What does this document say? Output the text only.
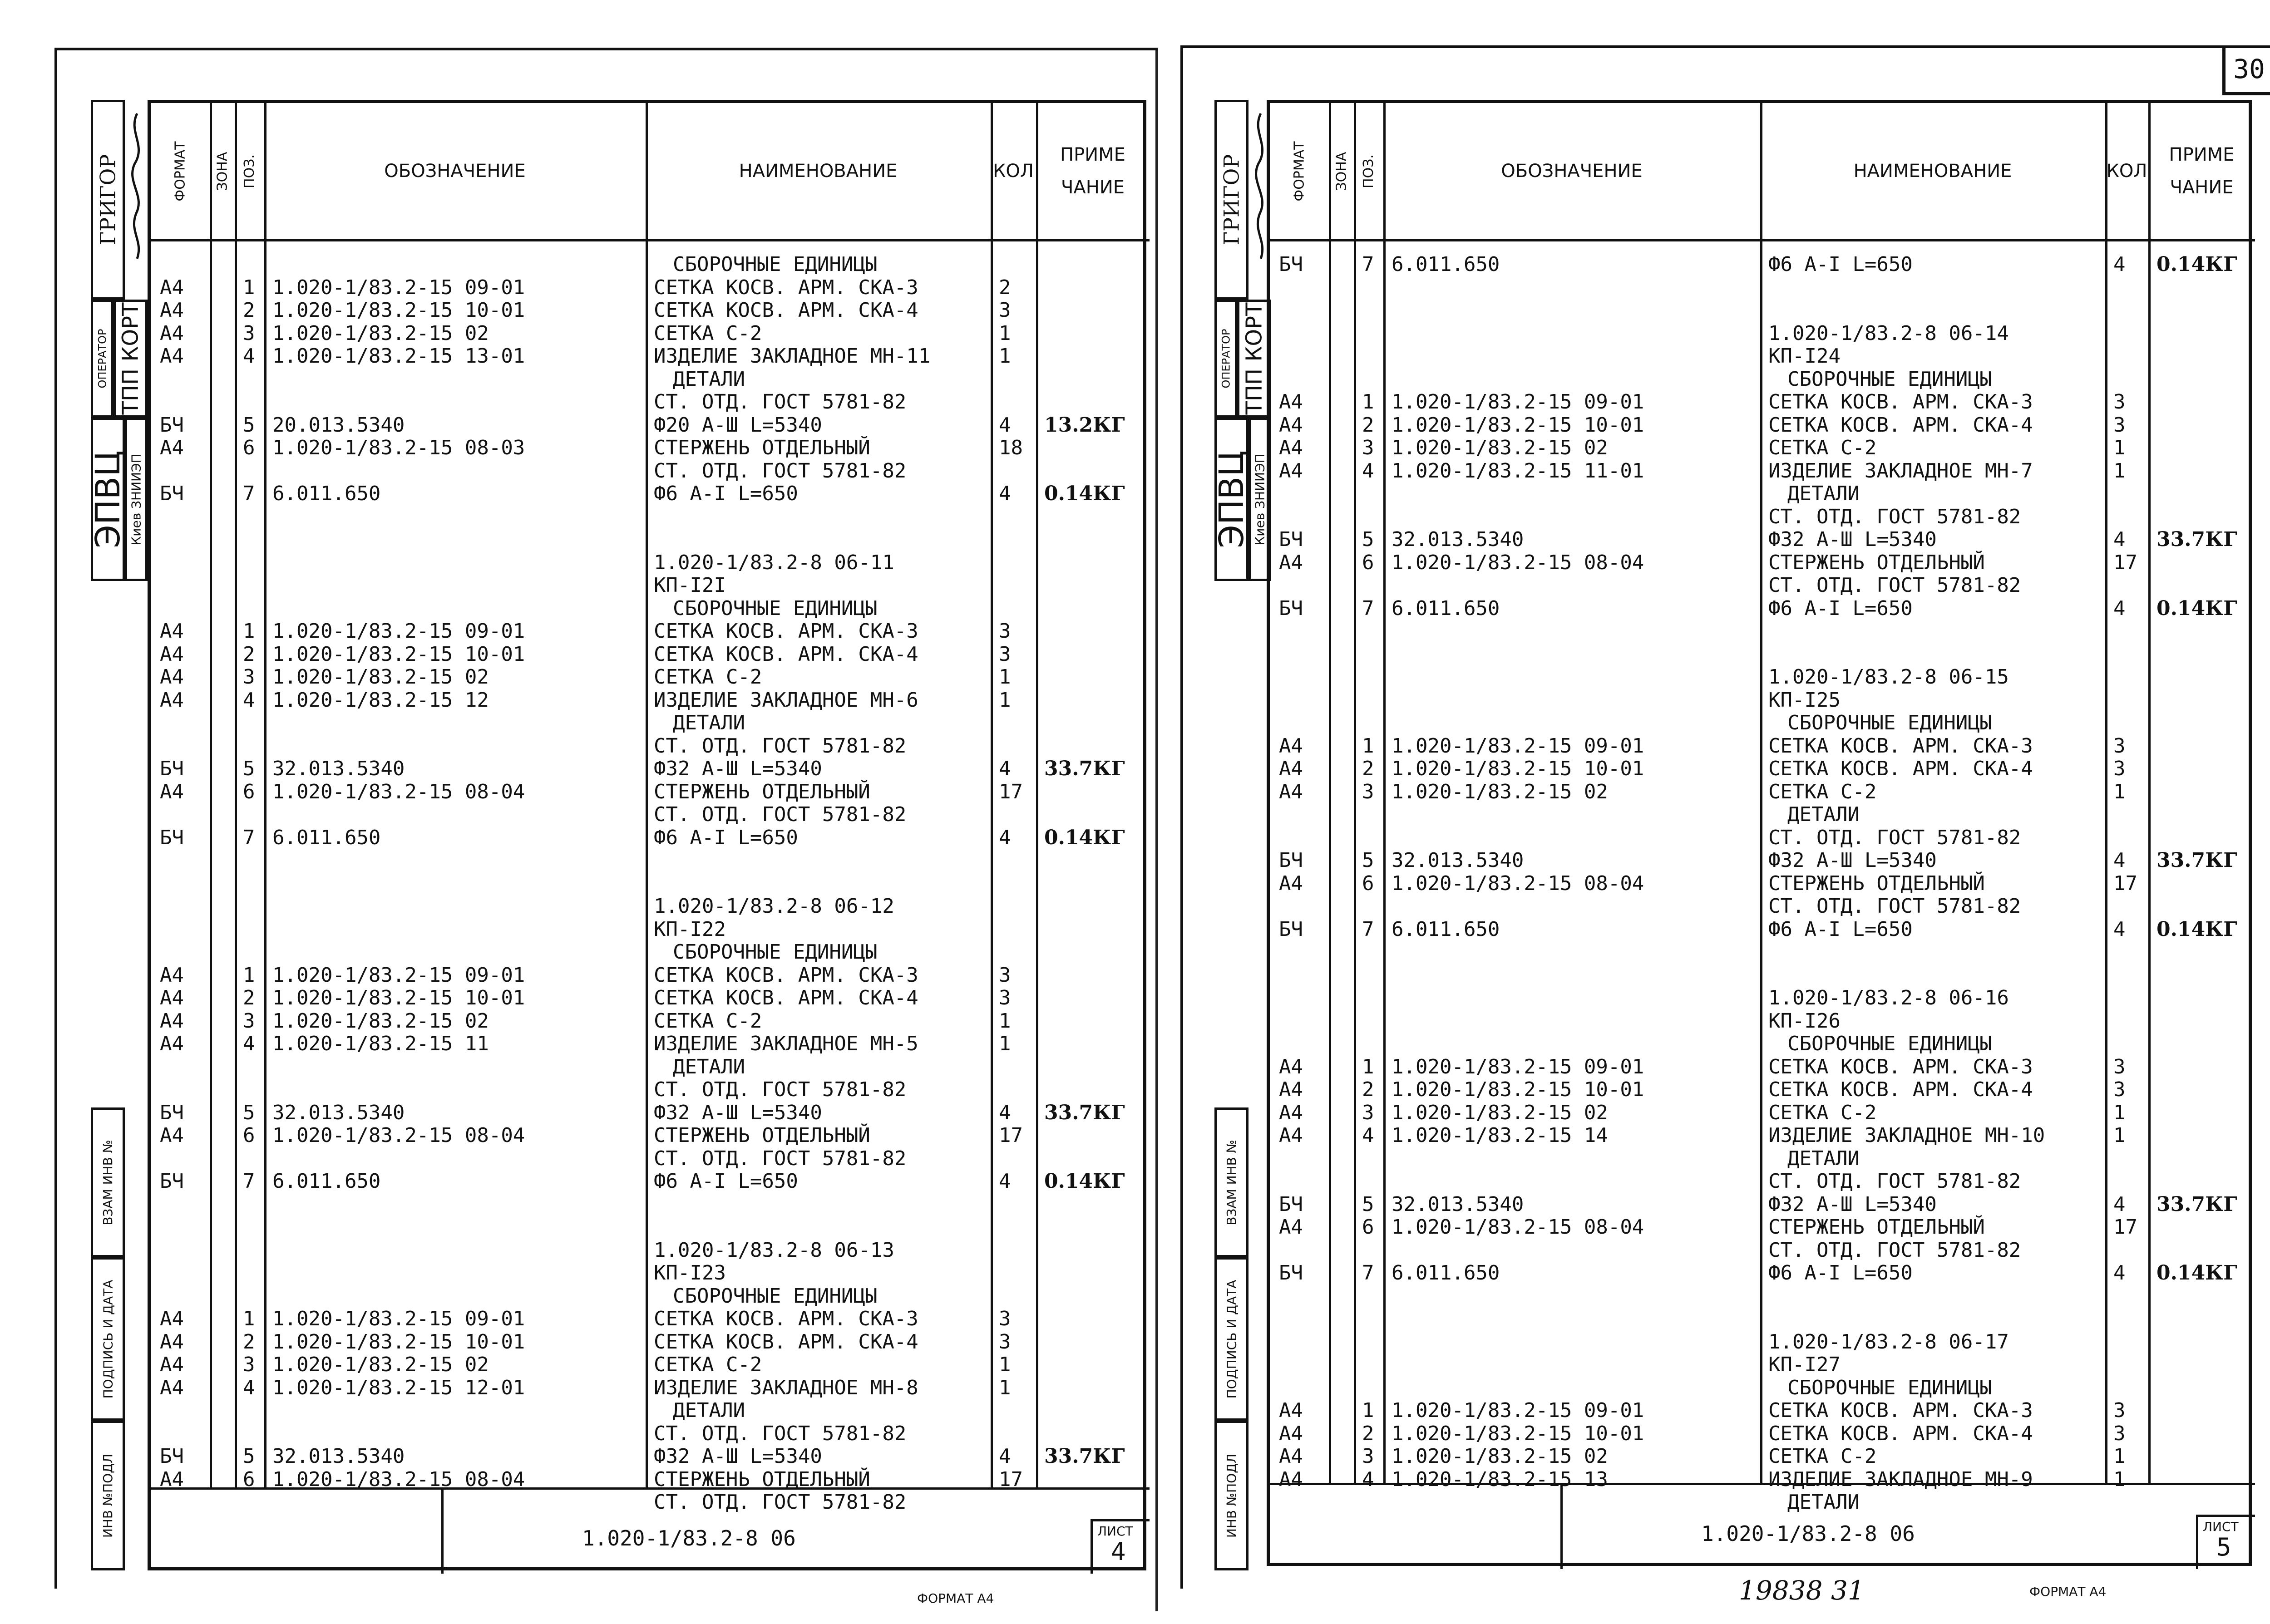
30
ФОРМАТ ЗОНА ПОЗ.	ОБОЗНАЧЕНИЕ	НАИМЕНОВАНИЕ	КОЛ
ПРИМЕ ЧАНИЕ
СБОРОЧНЫЕ ЕДИНИЦЫ
А4	1 1.020-1/83.2-15 09-01	СЕТКА КОСВ. АРМ. СКА-3	2
А4	2 1.020-1/83.2-15 10-01	СЕТКА КОСВ. АРМ. СКА-4	3
А4	3 1.020-1/83.2-15 02	СЕТКА С-2	1
А4	4 1.020-1/83.2-15 13-01	ИЗДЕЛИЕ ЗАКЛАДНОЕ МН-11	1
ДЕТАЛИ
СТ. ОТД. ГОСТ 5781-82
БЧ	5 20.013.5340	Ф20 А-Ш L=5340	4 13.2КГ
А4	6 1.020-1/83.2-15 08-03	СТЕРЖЕНЬ ОТДЕЛЬНЫЙ	18
СТ. ОТД. ГОСТ 5781-82
БЧ	7 6.011.650	Ф6 А-I L=650	4 0.14КГ
1.020-1/83.2-8 06-11
КП-I2I
СБОРОЧНЫЕ ЕДИНИЦЫ
А4	1 1.020-1/83.2-15 09-01	СЕТКА КОСВ. АРМ. СКА-3	3
А4	2 1.020-1/83.2-15 10-01	СЕТКА КОСВ. АРМ. СКА-4	3
А4	3 1.020-1/83.2-15 02	СЕТКА С-2	1
А4	4 1.020-1/83.2-15 12	ИЗДЕЛИЕ ЗАКЛАДНОЕ МН-6	1
ДЕТАЛИ
СТ. ОТД. ГОСТ 5781-82
БЧ	5 32.013.5340	Ф32 А-Ш L=5340	4 33.7КГ
А4	6 1.020-1/83.2-15 08-04	СТЕРЖЕНЬ ОТДЕЛЬНЫЙ	17
СТ. ОТД. ГОСТ 5781-82
БЧ	7 6.011.650	Ф6 А-I L=650	4 0.14КГ
1.020-1/83.2-8 06-12
КП-I22
СБОРОЧНЫЕ ЕДИНИЦЫ
А4	1 1.020-1/83.2-15 09-01	СЕТКА КОСВ. АРМ. СКА-3	3
А4	2 1.020-1/83.2-15 10-01	СЕТКА КОСВ. АРМ. СКА-4	3
А4	3 1.020-1/83.2-15 02	СЕТКА С-2	1
А4	4 1.020-1/83.2-15 11	ИЗДЕЛИЕ ЗАКЛАДНОЕ МН-5	1
ДЕТАЛИ
СТ. ОТД. ГОСТ 5781-82
БЧ	5 32.013.5340	Ф32 А-Ш L=5340	4 33.7КГ
А4	6 1.020-1/83.2-15 08-04	СТЕРЖЕНЬ ОТДЕЛЬНЫЙ	17
СТ. ОТД. ГОСТ 5781-82
БЧ	7 6.011.650	Ф6 А-I L=650	4 0.14КГ
1.020-1/83.2-8 06-13
КП-I23
СБОРОЧНЫЕ ЕДИНИЦЫ
А4	1 1.020-1/83.2-15 09-01	СЕТКА КОСВ. АРМ. СКА-3	3
А4	2 1.020-1/83.2-15 10-01	СЕТКА КОСВ. АРМ. СКА-4	3
А4	3 1.020-1/83.2-15 02	СЕТКА С-2	1
А4	4 1.020-1/83.2-15 12-01	ИЗДЕЛИЕ ЗАКЛАДНОЕ МН-8	1
ДЕТАЛИ
СТ. ОТД. ГОСТ 5781-82
БЧ	5 32.013.5340	Ф32 А-Ш L=5340	4 33.7КГ
А4	6 1.020-1/83.2-15 08-04	СТЕРЖЕНЬ ОТДЕЛЬНЫЙ	17
СТ. ОТД. ГОСТ 5781-82
1.020-1/83.2-8 06	ЛИСТ
4
ФОРМАТ ЗОНА ПОЗ.	ОБОЗНАЧЕНИЕ	НАИМЕНОВАНИЕ	КОЛ
ПРИМЕ ЧАНИЕ
БЧ	7 6.011.650	Ф6 А-I L=650	4 0.14КГ
1.020-1/83.2-8 06-14
КП-I24
СБОРОЧНЫЕ ЕДИНИЦЫ
А4	1 1.020-1/83.2-15 09-01	СЕТКА КОСВ. АРМ. СКА-3	3
А4	2 1.020-1/83.2-15 10-01	СЕТКА КОСВ. АРМ. СКА-4	3
А4	3 1.020-1/83.2-15 02	СЕТКА С-2	1
А4	4 1.020-1/83.2-15 11-01	ИЗДЕЛИЕ ЗАКЛАДНОЕ МН-7	1
ДЕТАЛИ
СТ. ОТД. ГОСТ 5781-82
БЧ	5 32.013.5340	Ф32 А-Ш L=5340	4 33.7КГ
А4	6 1.020-1/83.2-15 08-04	СТЕРЖЕНЬ ОТДЕЛЬНЫЙ	17
СТ. ОТД. ГОСТ 5781-82
БЧ	7 6.011.650	Ф6 А-I L=650	4 0.14КГ
1.020-1/83.2-8 06-15
КП-I25
СБОРОЧНЫЕ ЕДИНИЦЫ
А4	1 1.020-1/83.2-15 09-01	СЕТКА КОСВ. АРМ. СКА-3	3
А4	2 1.020-1/83.2-15 10-01	СЕТКА КОСВ. АРМ. СКА-4	3
А4	3 1.020-1/83.2-15 02	СЕТКА С-2	1
ДЕТАЛИ
СТ. ОТД. ГОСТ 5781-82
БЧ	5 32.013.5340	Ф32 А-Ш L=5340	4 33.7КГ
А4	6 1.020-1/83.2-15 08-04	СТЕРЖЕНЬ ОТДЕЛЬНЫЙ	17
СТ. ОТД. ГОСТ 5781-82
БЧ	7 6.011.650	Ф6 А-I L=650	4 0.14КГ
1.020-1/83.2-8 06-16
КП-I26
СБОРОЧНЫЕ ЕДИНИЦЫ
А4	1 1.020-1/83.2-15 09-01	СЕТКА КОСВ. АРМ. СКА-3	3
А4	2 1.020-1/83.2-15 10-01	СЕТКА КОСВ. АРМ. СКА-4	3
А4	3 1.020-1/83.2-15 02	СЕТКА С-2	1
А4	4 1.020-1/83.2-15 14	ИЗДЕЛИЕ ЗАКЛАДНОЕ МН-10	1
ДЕТАЛИ
СТ. ОТД. ГОСТ 5781-82
БЧ	5 32.013.5340	Ф32 А-Ш L=5340	4 33.7КГ
А4	6 1.020-1/83.2-15 08-04	СТЕРЖЕНЬ ОТДЕЛЬНЫЙ	17
СТ. ОТД. ГОСТ 5781-82
БЧ	7 6.011.650	Ф6 А-I L=650	4 0.14КГ
1.020-1/83.2-8 06-17
КП-I27
СБОРОЧНЫЕ ЕДИНИЦЫ
А4	1 1.020-1/83.2-15 09-01	СЕТКА КОСВ. АРМ. СКА-3	3
А4	2 1.020-1/83.2-15 10-01	СЕТКА КОСВ. АРМ. СКА-4	3
А4	3 1.020-1/83.2-15 02	СЕТКА С-2	1
А4	4 1.020-1/83.2-15 13	ИЗДЕЛИЕ ЗАКЛАДНОЕ МН-9	1
ДЕТАЛИ
1.020-1/83.2-8 06	ЛИСТ
5
ФОРМАТ А4	ФОРМАТ А4
19838 31
ГРИГОР
ОПЕРАТОР ТПП КОРТ
ЭПВЦ Киев ЗНИИЭП
ВЗАМ ИНВ №
ПОДПИСЬ И ДАТА
ИНВ №ПОДЛ
ГРИГОР
ОПЕРАТОР ТПП КОРТ
ЭПВЦ Киев ЗНИИЭП
ВЗАМ ИНВ №
ПОДПИСЬ И ДАТА
ИНВ №ПОДЛ
